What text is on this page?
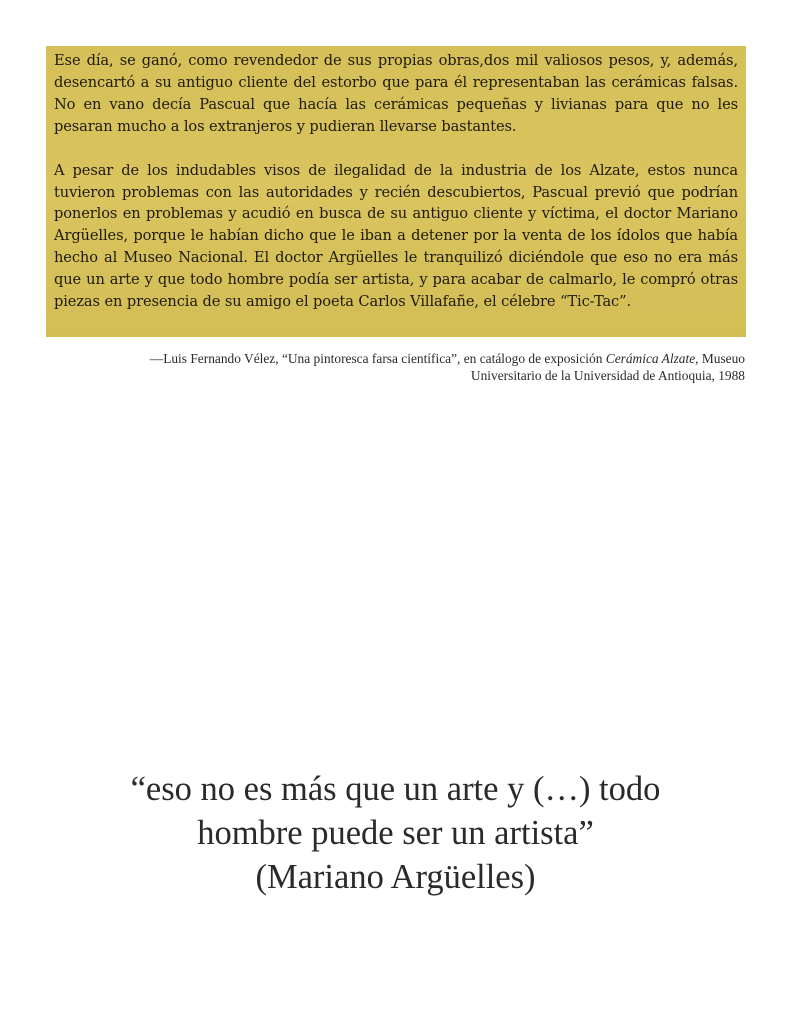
Ese día, se ganó, como revendedor de sus propias obras,dos mil valiosos pesos, y, además, desencartó a su antiguo cliente del estorbo que para él representaban las cerámicas falsas. No en vano decía Pascual que hacía las cerámicas pequeñas y livianas para que no les pesaran mucho a los extranjeros y pudieran llevarse bastantes.

A pesar de los indudables visos de ilegalidad de la industria de los Alzate, estos nunca tuvieron problemas con las autoridades y recién descubiertos, Pascual previó que podrían ponerlos en problemas y acudió en busca de su antiguo cliente y víctima, el doctor Mariano Argüelles, porque le habían dicho que le iban a detener por la venta de los ídolos que había hecho al Museo Nacional. El doctor Argüelles le tranquilizó diciéndole que eso no era más que un arte y que todo hombre podía ser artista, y para acabar de calmarlo, le compró otras piezas en presencia de su amigo el poeta Carlos Villafañe, el célebre “Tic-Tac”.

—Luis Fernando Vélez, “Una pintoresca farsa científica”, en catálogo de exposición Cerámica Alzate, Museuo Universitario de la Universidad de Antioquia, 1988
“eso no es más que un arte y (…) todo
hombre puede ser un artista”
(Mariano Argüelles)
